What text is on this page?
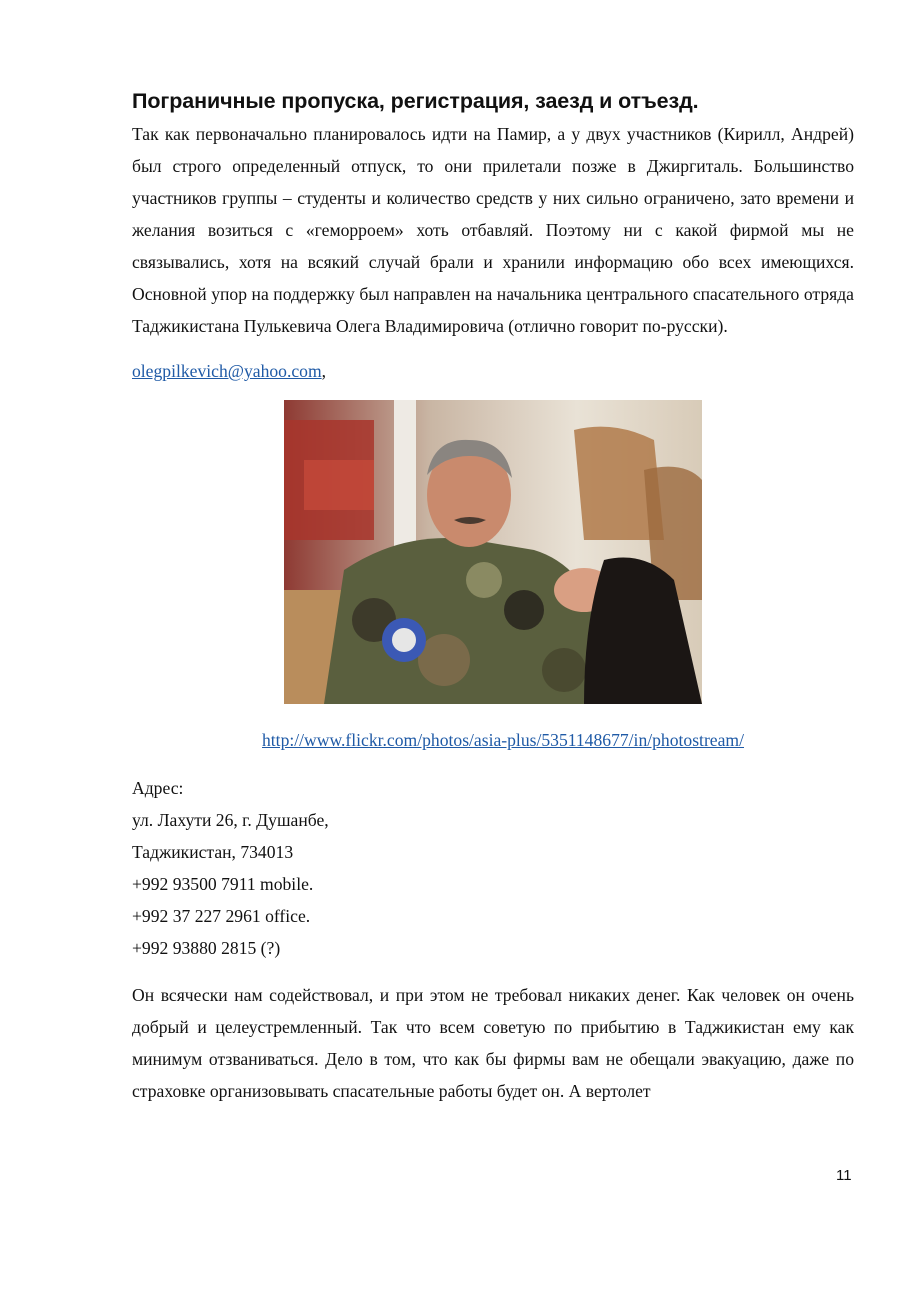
Пограничные пропуска, регистрация, заезд и отъезд.

Так как первоначально планировалось идти на Памир, а у двух участников (Кирилл, Андрей) был строго определенный отпуск, то они прилетали позже в Джиргиталь. Большинство участников группы – студенты и количество средств у них сильно ограничено, зато времени и желания возиться с «геморроем» хоть отбавляй. Поэтому ни с какой фирмой мы не связывались, хотя на всякий случай брали и хранили информацию обо всех имеющихся. Основной упор на поддержку был направлен на начальника центрального спасательного отряда Таджикистана Пулькевича Олега Владимировича (отлично говорит по-русски).

olegpilkevich@yahoo.com,
http://www.flickr.com/photos/asia-plus/5351148677/in/photostream/
Адрес:
ул. Лахути 26, г. Душанбе,
Таджикистан, 734013
+992 93500 7911 mobile.
+992 37 227 2961 office.
+992 93880 2815 (?)

Он всячески нам содействовал, и при этом не требовал никаких денег. Как человек он очень добрый и целеустремленный. Так что всем советую по прибытию в Таджикистан ему как минимум отзваниваться. Дело в том, что как бы фирмы вам не обещали эвакуацию, даже по страховке организовывать спасательные работы будет он. А вертолет

11
